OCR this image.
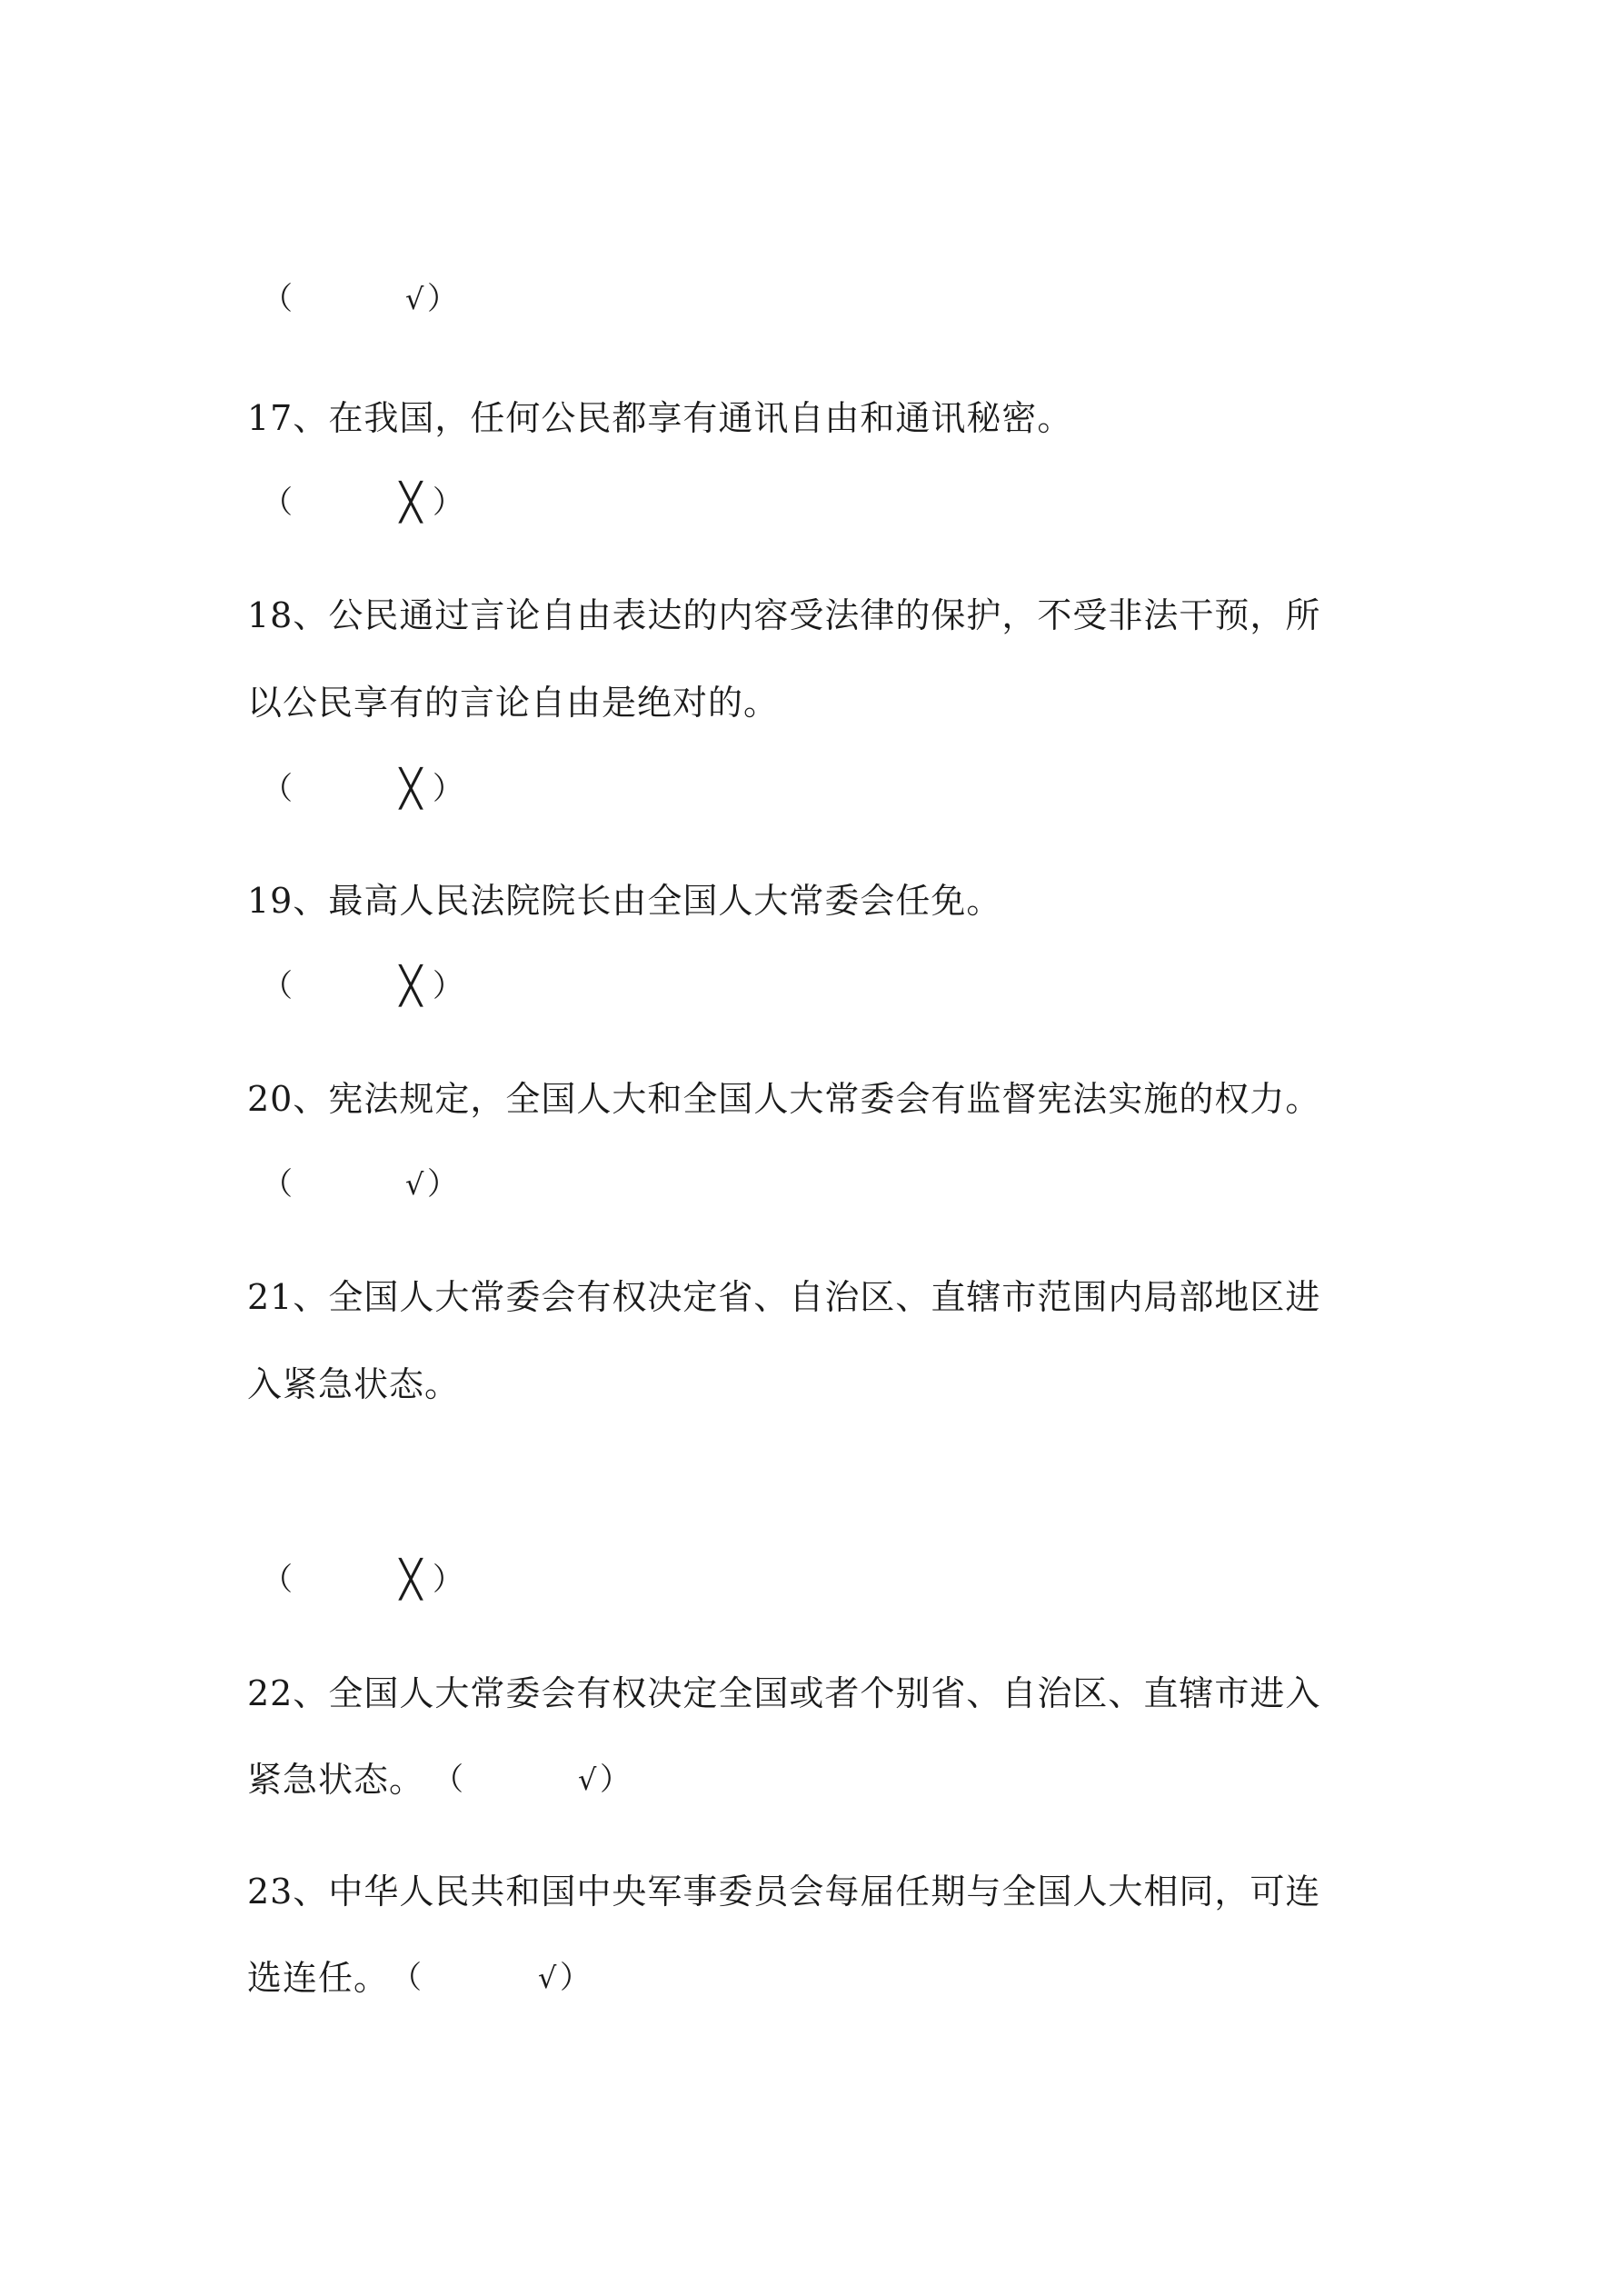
（	√ ）
17、在我国，任何公民都享有通讯自由和通讯秘密。
（	╳ ）
18、公民通过言论自由表达的内容受法律的保护，不受非法干预，所
以公民享有的言论自由是绝对的。
（	╳ ）
19、最高人民法院院长由全国人大常委会任免。
（	╳ ）
20、宪法规定，全国人大和全国人大常委会有监督宪法实施的权力。
（	√ ）
21、全国人大常委会有权决定省、自治区、直辖市范围内局部地区进
入紧急状态。
（	╳ ）
22、全国人大常委会有权决定全国或者个别省、自治区、直辖市进入
紧急状态。 （	√ ）
23、中华人民共和国中央军事委员会每届任期与全国人大相同，可连
选连任。 （	√ ）
